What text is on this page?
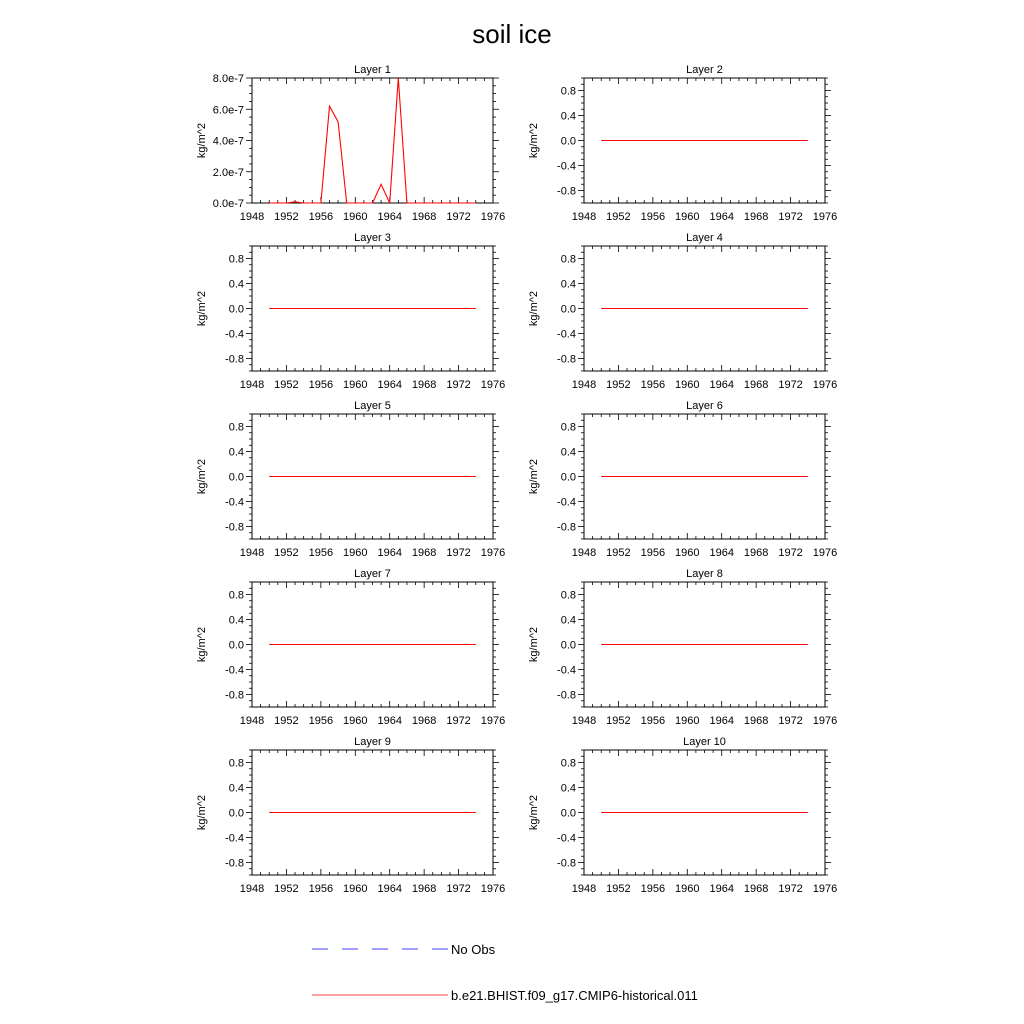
soil ice
Layer 1
1948 1952 1956 1960 1964 1968 1972 1976
0.0e-7
2.0e-7
4.0e-7
6.0e-7
8.0e-7
kg/m^2
Layer 2
1948 1952 1956 1960 1964 1968 1972 1976
-0.8
-0.4
0.0
0.4
0.8
kg/m^2
Layer 3
1948 1952 1956 1960 1964 1968 1972 1976
-0.8
-0.4
0.0
0.4
0.8
kg/m^2
Layer 4
1948 1952 1956 1960 1964 1968 1972 1976
-0.8
-0.4
0.0
0.4
0.8
kg/m^2
Layer 5
1948 1952 1956 1960 1964 1968 1972 1976
-0.8
-0.4
0.0
0.4
0.8
kg/m^2
Layer 6
1948 1952 1956 1960 1964 1968 1972 1976
-0.8
-0.4
0.0
0.4
0.8
kg/m^2
Layer 7
1948 1952 1956 1960 1964 1968 1972 1976
-0.8
-0.4
0.0
0.4
0.8
kg/m^2
Layer 8
1948 1952 1956 1960 1964 1968 1972 1976
-0.8
-0.4
0.0
0.4
0.8
kg/m^2
Layer 9
1948 1952 1956 1960 1964 1968 1972 1976
-0.8
-0.4
0.0
0.4
0.8
kg/m^2
Layer 10
1948 1952 1956 1960 1964 1968 1972 1976
-0.8
-0.4
0.0
0.4
0.8
kg/m^2
No Obs
b.e21.BHIST.f09_g17.CMIP6-historical.011
